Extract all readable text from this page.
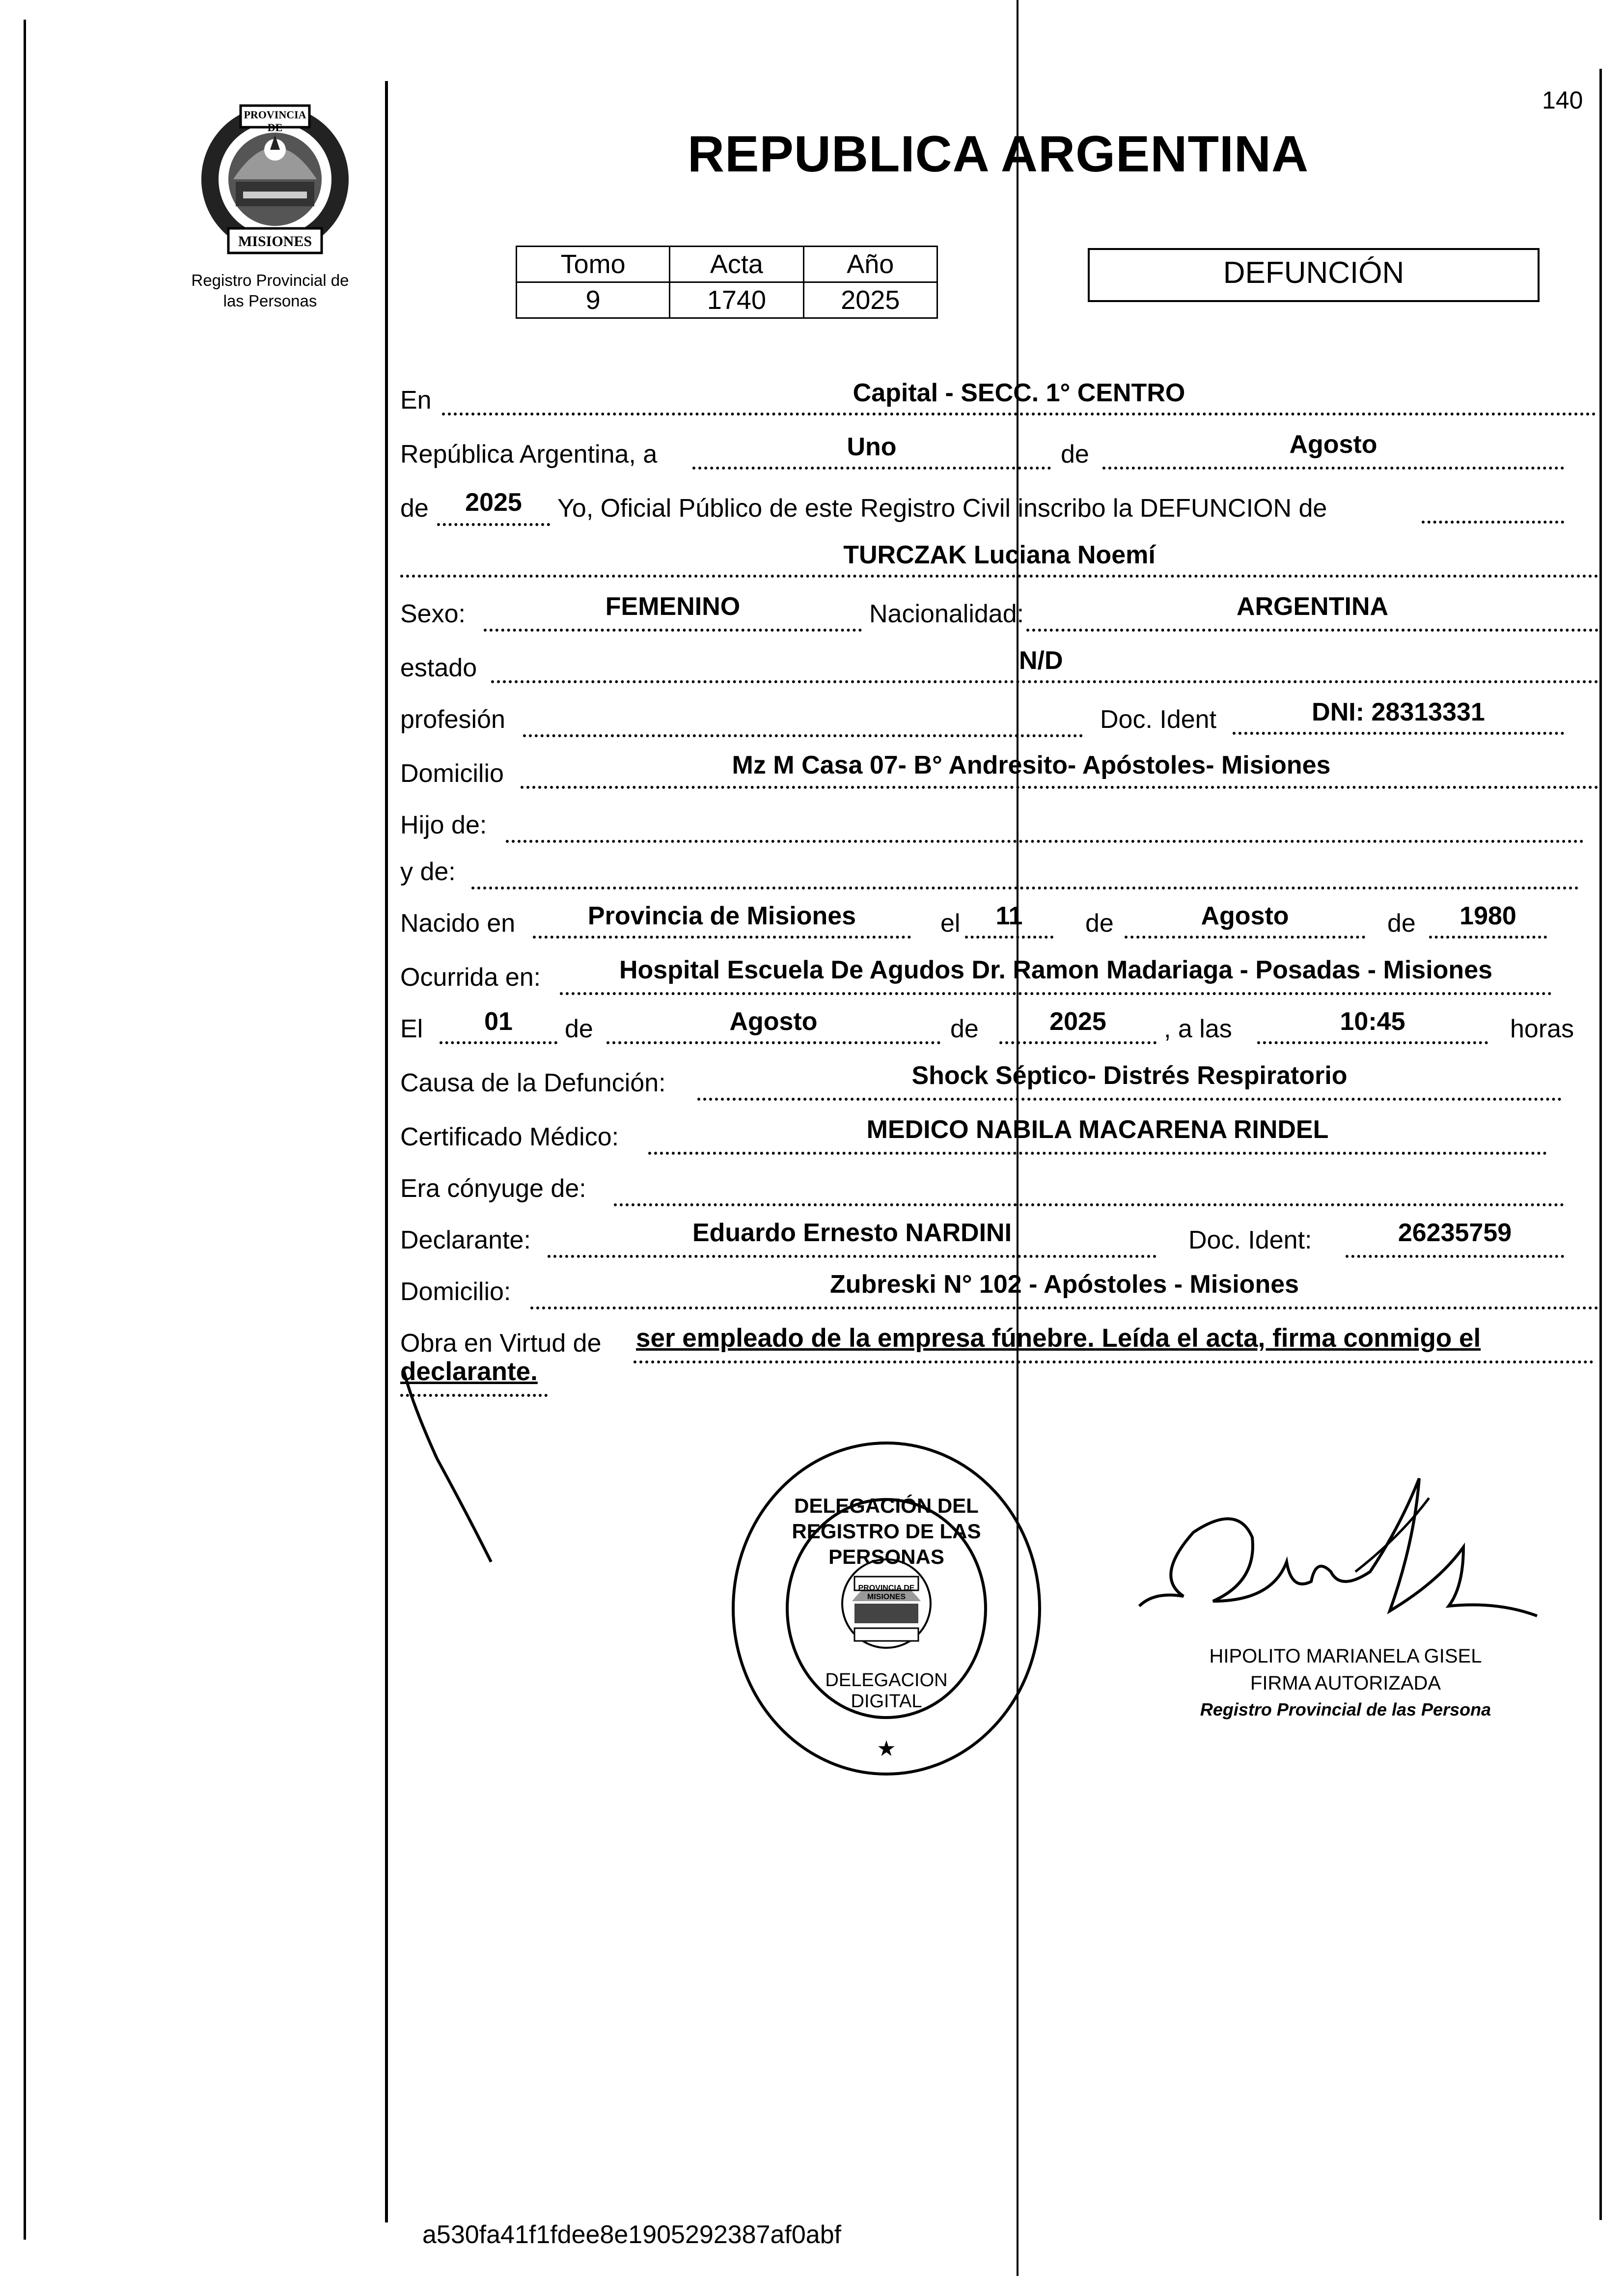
PROVINCIA DE
MISIONES
Registro Provincial de
las Personas
140
REPUBLICA ARGENTINA
Tomo	Acta	Año
9	1740	2025
DEFUNCIÓN
En	Capital - SECC. 1° CENTRO
República Argentina, a	Uno	de	Agosto
de	2025	Yo, Oficial Público de este Registro Civil inscribo la DEFUNCION de
TURCZAK Luciana Noemí
Sexo:	FEMENINO	Nacionalidad:	ARGENTINA
estado	N/D
profesión	Doc. Ident	DNI: 28313331
Domicilio	Mz M Casa 07- B° Andresito- Apóstoles- Misiones
Hijo de:
y de:
Nacido en	Provincia de Misiones	el	11	de	Agosto	de	1980
Ocurrida en:	Hospital Escuela De Agudos Dr. Ramon Madariaga - Posadas - Misiones
El	01	de	Agosto	de	2025	, a las	10:45	horas
Causa de la Defunción:	Shock Séptico- Distrés Respiratorio
Certificado Médico:	MEDICO NABILA MACARENA RINDEL
Era cónyuge de:
Declarante:	Eduardo Ernesto NARDINI	Doc. Ident:	26235759
Domicilio:	Zubreski N° 102 - Apóstoles - Misiones
Obra en Virtud de ser empleado de la empresa fúnebre. Leída el acta, firma conmigo el
declarante.
DELEGACIÓN DEL REGISTRO DE LAS PERSONAS
PROVINCIA DE MISIONES
DELEGACION DIGITAL
★
HIPOLITO MARIANELA GISEL
FIRMA AUTORIZADA
Registro Provincial de las Persona
a530fa41f1fdee8e1905292387af0abf
